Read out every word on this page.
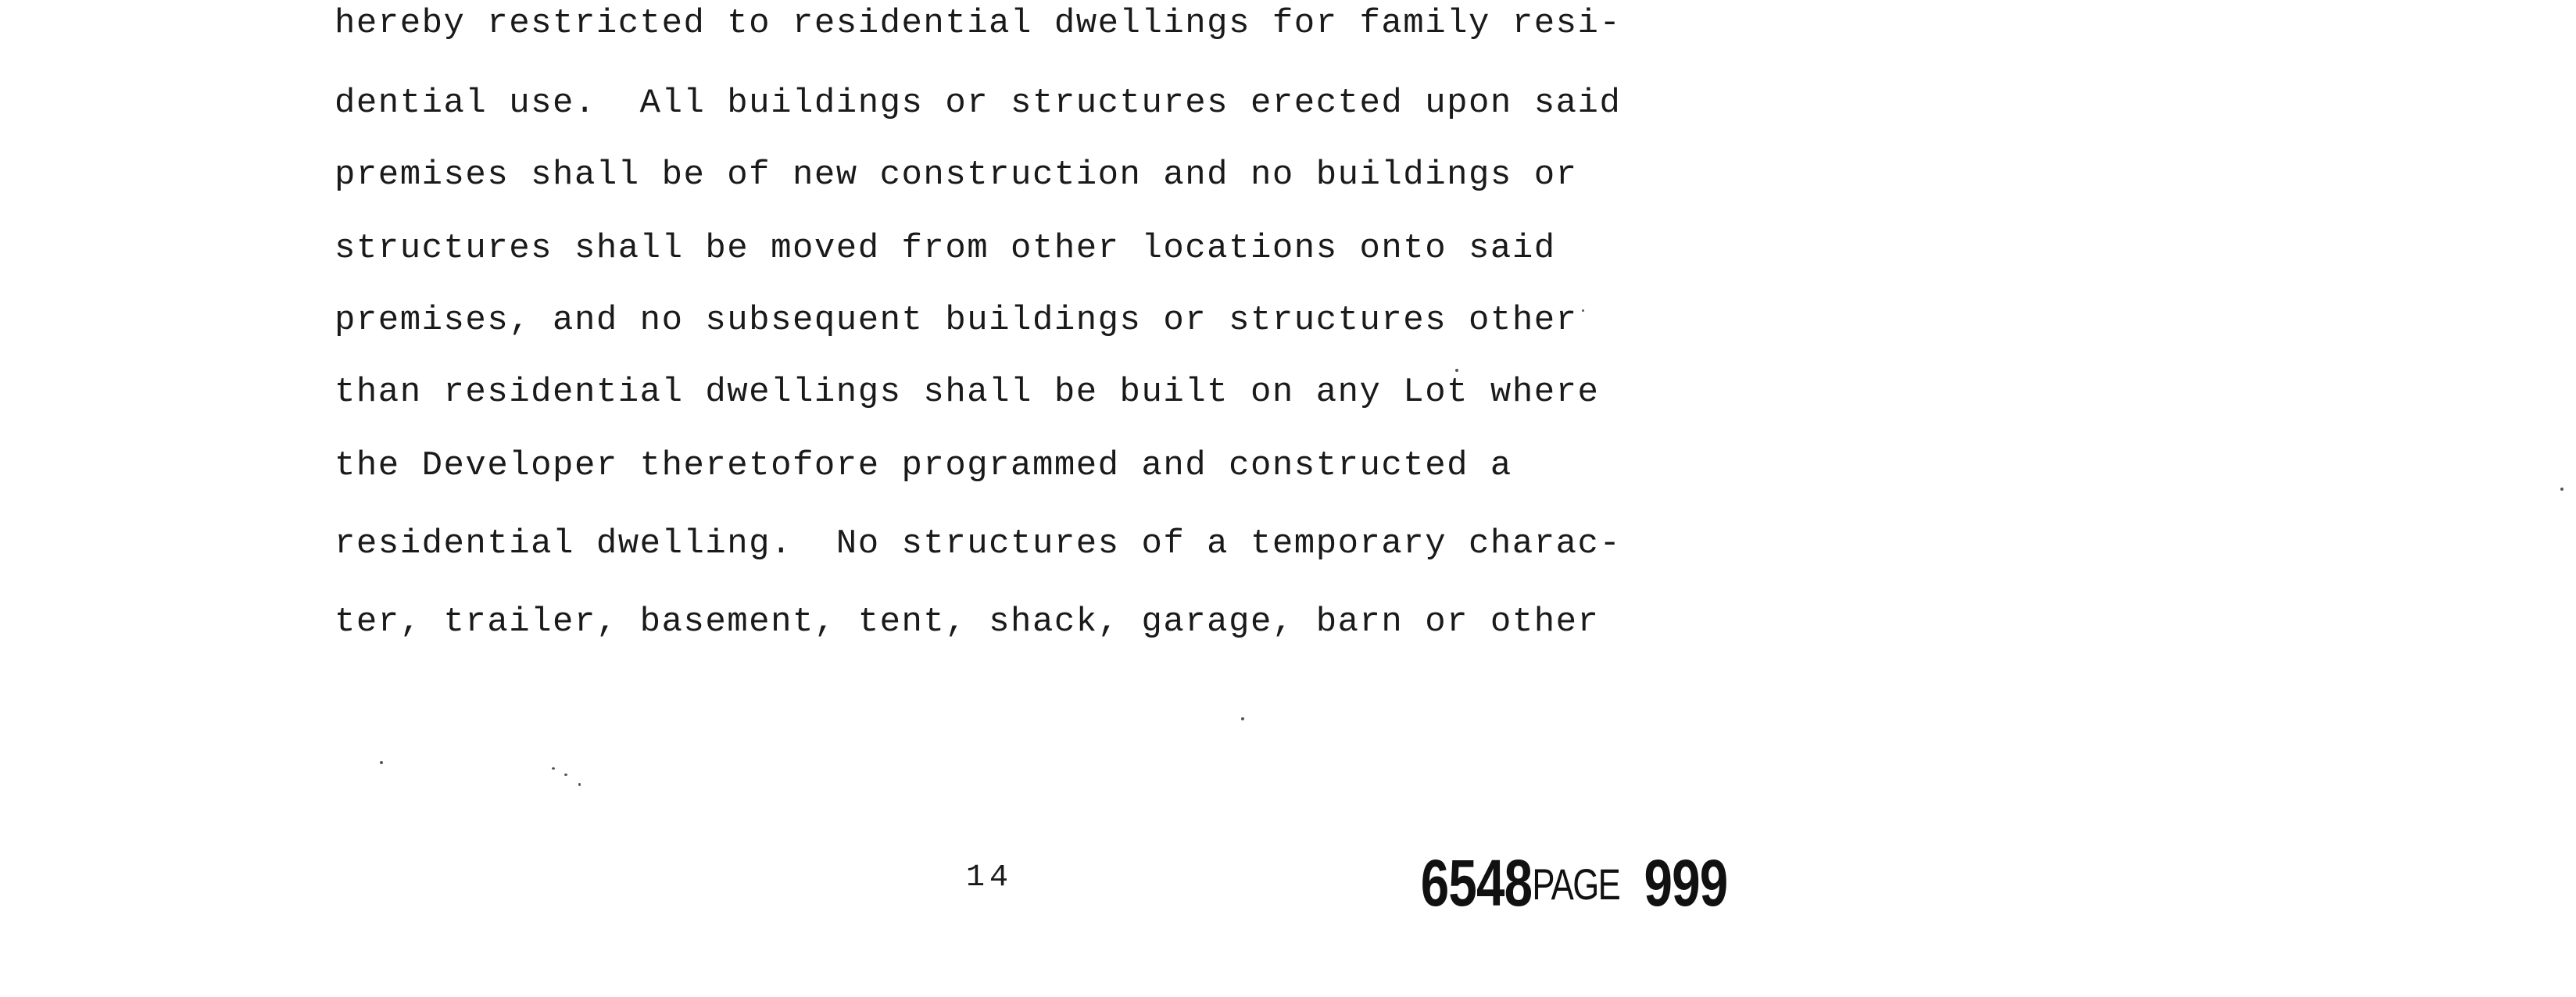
hereby restricted to residential dwellings for family resi-
dential use.  All buildings or structures erected upon said
premises shall be of new construction and no buildings or
structures shall be moved from other locations onto said
premises, and no subsequent buildings or structures other
than residential dwellings shall be built on any Lot where
the Developer theretofore programmed and constructed a
residential dwelling.  No structures of a temporary charac-
ter, trailer, basement, tent, shack, garage, barn or other

6548PAGE 999

14
